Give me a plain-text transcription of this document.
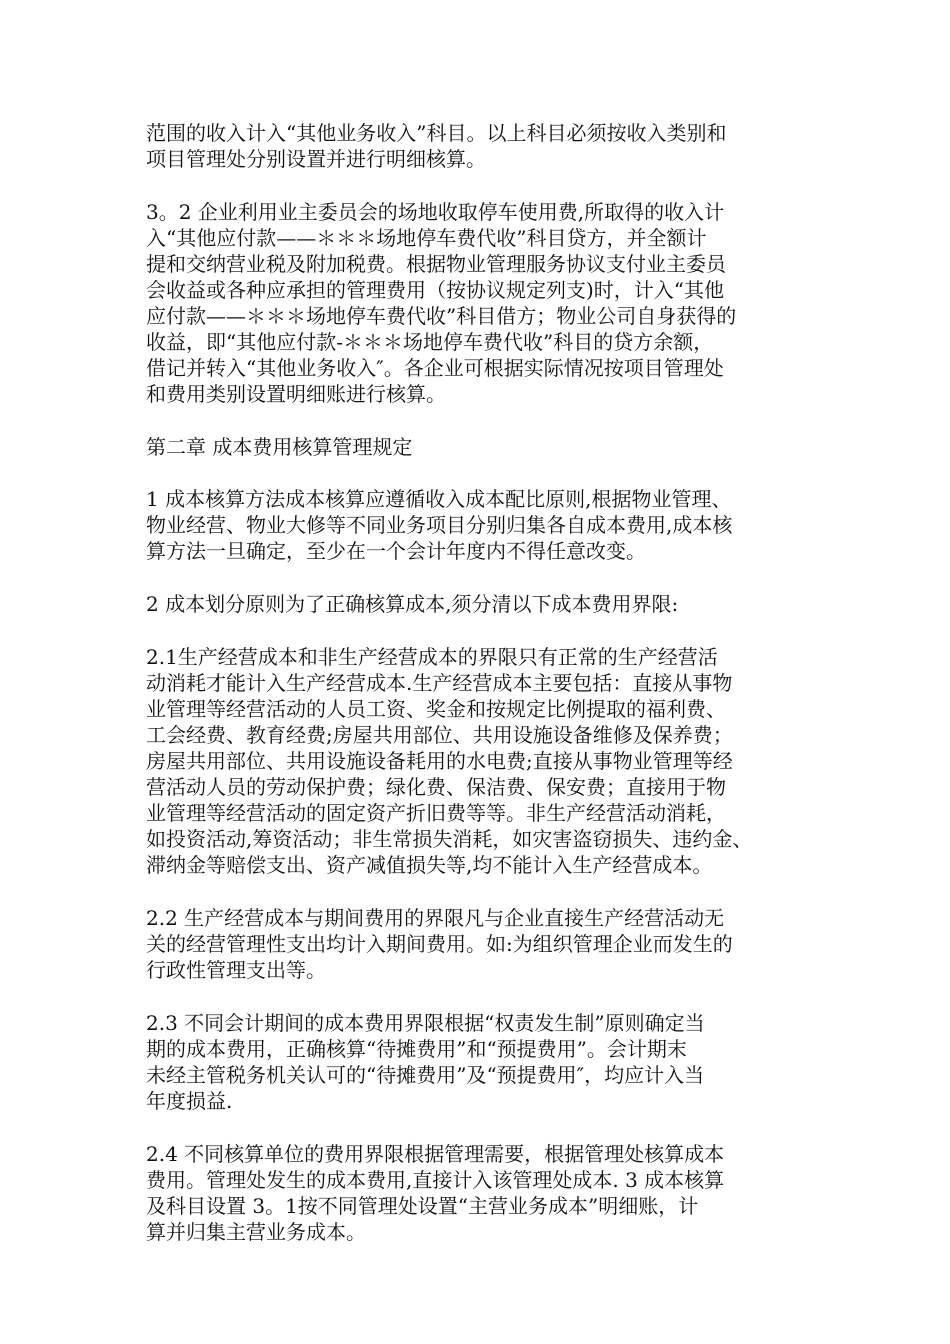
范围的收入计入“其他业务收入”科目。以上科目必须按收入类别和
项目管理处分别设置并进行明细核算。

3。2 企业利用业主委员会的场地收取停车使用费,所取得的收入计
入“其他应付款——＊＊＊场地停车费代收”科目贷方，并全额计
提和交纳营业税及附加税费。根据物业管理服务协议支付业主委员
会收益或各种应承担的管理费用（按协议规定列支)时，计入“其他
应付款——＊＊＊场地停车费代收”科目借方；物业公司自身获得的
收益，即“其他应付款-＊＊＊场地停车费代收”科目的贷方余额，
借记并转入“其他业务收入″。各企业可根据实际情况按项目管理处
和费用类别设置明细账进行核算。

第二章 成本费用核算管理规定

1 成本核算方法成本核算应遵循收入成本配比原则,根据物业管理、
物业经营、物业大修等不同业务项目分别归集各自成本费用,成本核
算方法一旦确定，至少在一个会计年度内不得任意改变。

2 成本划分原则为了正确核算成本,须分清以下成本费用界限:

2.1生产经营成本和非生产经营成本的界限只有正常的生产经营活
动消耗才能计入生产经营成本.生产经营成本主要包括：直接从事物
业管理等经营活动的人员工资、奖金和按规定比例提取的福利费、
工会经费、教育经费;房屋共用部位、共用设施设备维修及保养费；
房屋共用部位、共用设施设备耗用的水电费;直接从事物业管理等经
营活动人员的劳动保护费；绿化费、保洁费、保安费；直接用于物
业管理等经营活动的固定资产折旧费等等。非生产经营活动消耗，
如投资活动,筹资活动；非生常损失消耗，如灾害盗窃损失、违约金、
滞纳金等赔偿支出、资产减值损失等,均不能计入生产经营成本。

2.2 生产经营成本与期间费用的界限凡与企业直接生产经营活动无
关的经营管理性支出均计入期间费用。如:为组织管理企业而发生的
行政性管理支出等。

2.3 不同会计期间的成本费用界限根据“权责发生制”原则确定当
期的成本费用，正确核算“待摊费用”和“预提费用”。会计期末
未经主管税务机关认可的“待摊费用”及“预提费用″，均应计入当
年度损益.

2.4 不同核算单位的费用界限根据管理需要，根据管理处核算成本
费用。管理处发生的成本费用,直接计入该管理处成本. 3 成本核算
及科目设置 3。1按不同管理处设置“主营业务成本”明细账，计
算并归集主营业务成本。
